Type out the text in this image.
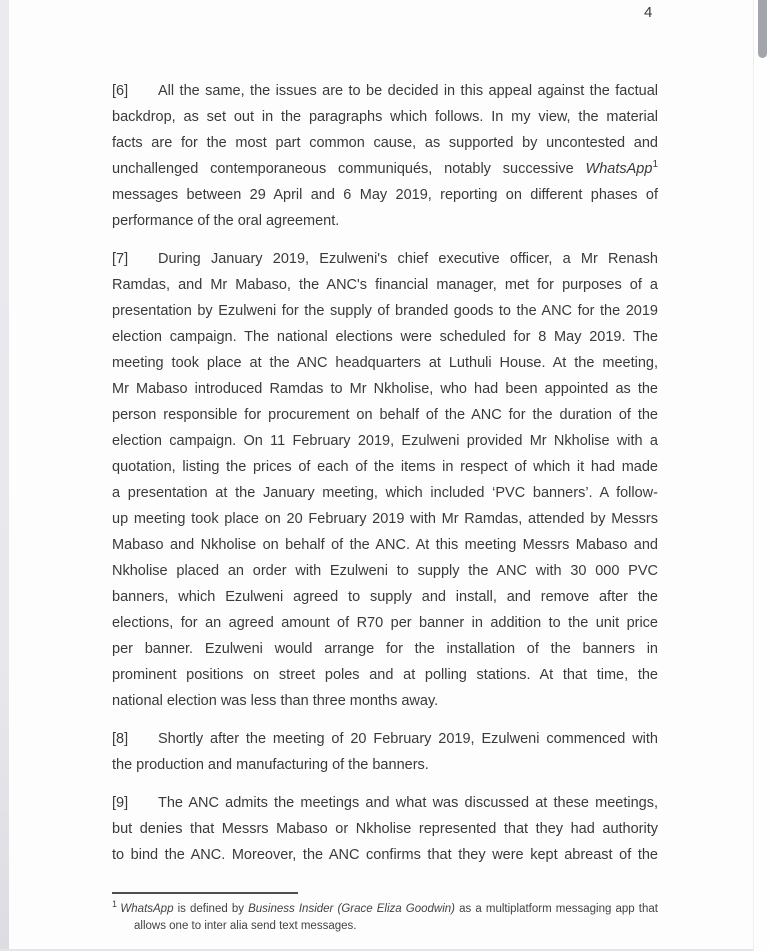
4
[6] All the same, the issues are to be decided in this appeal against the factual
backdrop, as set out in the paragraphs which follows. In my view, the material
facts are for the most part common cause, as supported by uncontested and
unchallenged contemporaneous communiqués, notably successive WhatsApp$^1$
messages between 29 April and 6 May 2019, reporting on different phases of
performance of the oral agreement.
[7] During January 2019, Ezulweni's chief executive officer, a Mr Renash
Ramdas, and Mr Mabaso, the ANC's financial manager, met for purposes of a
presentation by Ezulweni for the supply of branded goods to the ANC for the 2019
election campaign. The national elections were scheduled for 8 May 2019. The
meeting took place at the ANC headquarters at Luthuli House. At the meeting,
Mr Mabaso introduced Ramdas to Mr Nkholise, who had been appointed as the
person responsible for procurement on behalf of the ANC for the duration of the
election campaign. On 11 February 2019, Ezulweni provided Mr Nkholise with a
quotation, listing the prices of each of the items in respect of which it had made
a presentation at the January meeting, which included ‘PVC banners’. A follow-
up meeting took place on 20 February 2019 with Mr Ramdas, attended by Messrs
Mabaso and Nkholise on behalf of the ANC. At this meeting Messrs Mabaso and
Nkholise placed an order with Ezulweni to supply the ANC with 30 000 PVC
banners, which Ezulweni agreed to supply and install, and remove after the
elections, for an agreed amount of R70 per banner in addition to the unit price
per banner. Ezulweni would arrange for the installation of the banners in
prominent positions on street poles and at polling stations. At that time, the
national election was less than three months away.
[8] Shortly after the meeting of 20 February 2019, Ezulweni commenced with
the production and manufacturing of the banners.
[9] The ANC admits the meetings and what was discussed at these meetings,
but denies that Messrs Mabaso or Nkholise represented that they had authority
to bind the ANC. Moreover, the ANC confirms that they were kept abreast of the
$^1$ WhatsApp is defined by Business Insider (Grace Eliza Goodwin) as a multiplatform messaging app that
allows one to inter alia send text messages.
